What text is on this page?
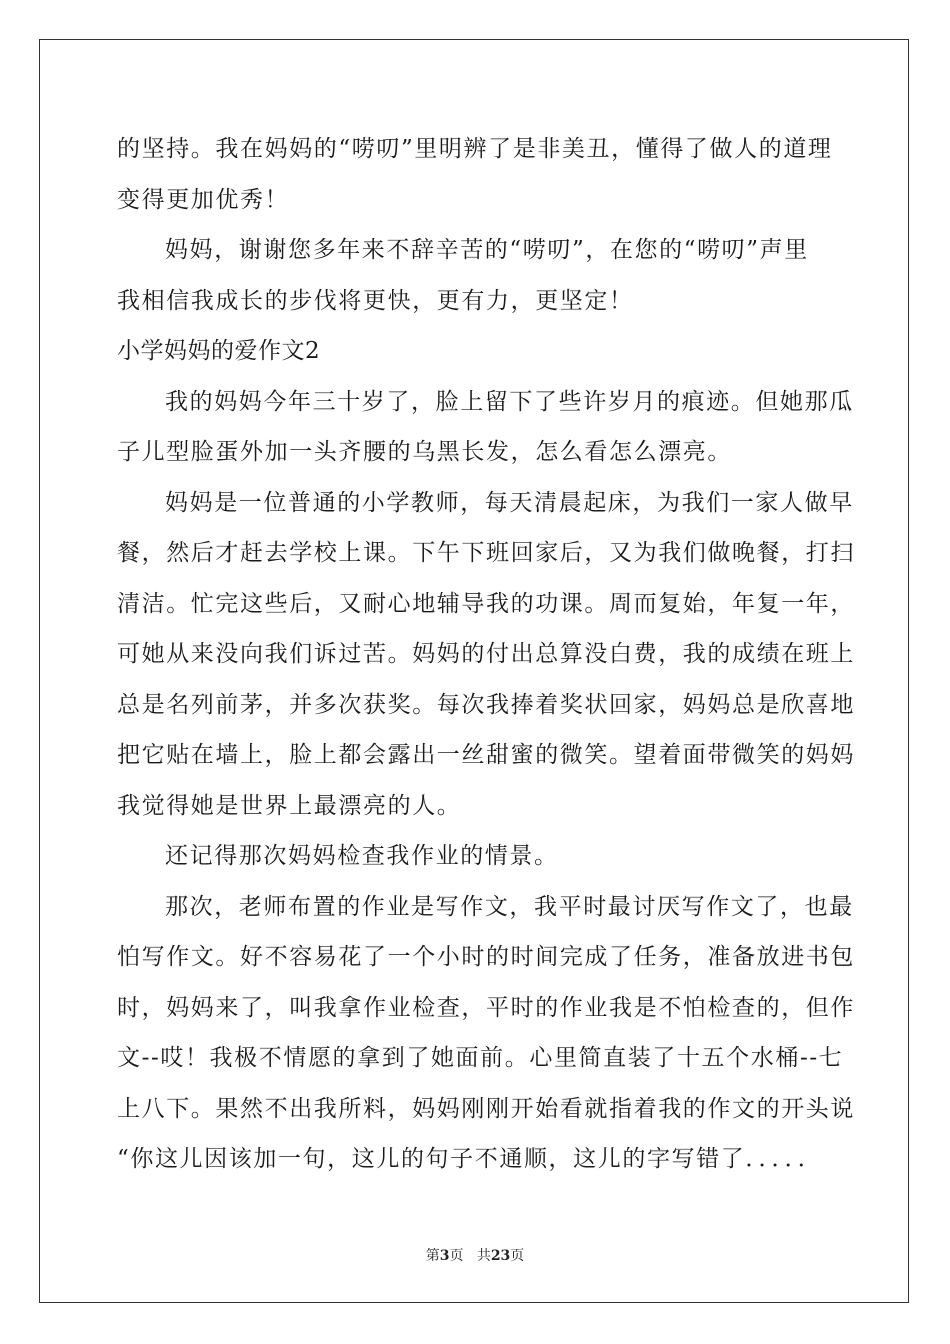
的坚持。我在妈妈的“唠叨”里明辨了是非美丑，懂得了做人的道理
变得更加优秀！
妈妈，谢谢您多年来不辞辛苦的“唠叨”，在您的“唠叨”声里
我相信我成长的步伐将更快，更有力，更坚定！
小学妈妈的爱作文2
我的妈妈今年三十岁了，脸上留下了些许岁月的痕迹。但她那瓜
子儿型脸蛋外加一头齐腰的乌黑长发，怎么看怎么漂亮。
妈妈是一位普通的小学教师，每天清晨起床，为我们一家人做早
餐，然后才赶去学校上课。下午下班回家后，又为我们做晚餐，打扫
清洁。忙完这些后，又耐心地辅导我的功课。周而复始，年复一年，
可她从来没向我们诉过苦。妈妈的付出总算没白费，我的成绩在班上
总是名列前茅，并多次获奖。每次我捧着奖状回家，妈妈总是欣喜地
把它贴在墙上，脸上都会露出一丝甜蜜的微笑。望着面带微笑的妈妈
我觉得她是世界上最漂亮的人。
还记得那次妈妈检查我作业的情景。
那次，老师布置的作业是写作文，我平时最讨厌写作文了，也最
怕写作文。好不容易花了一个小时的时间完成了任务，准备放进书包
时，妈妈来了，叫我拿作业检查，平时的作业我是不怕检查的，但作
文--哎！我极不情愿的拿到了她面前。心里简直装了十五个水桶--七
上八下。果然不出我所料，妈妈刚刚开始看就指着我的作文的开头说
“你这儿因该加一句，这儿的句子不通顺，这儿的字写错了．．．．．
第3页 共23页
